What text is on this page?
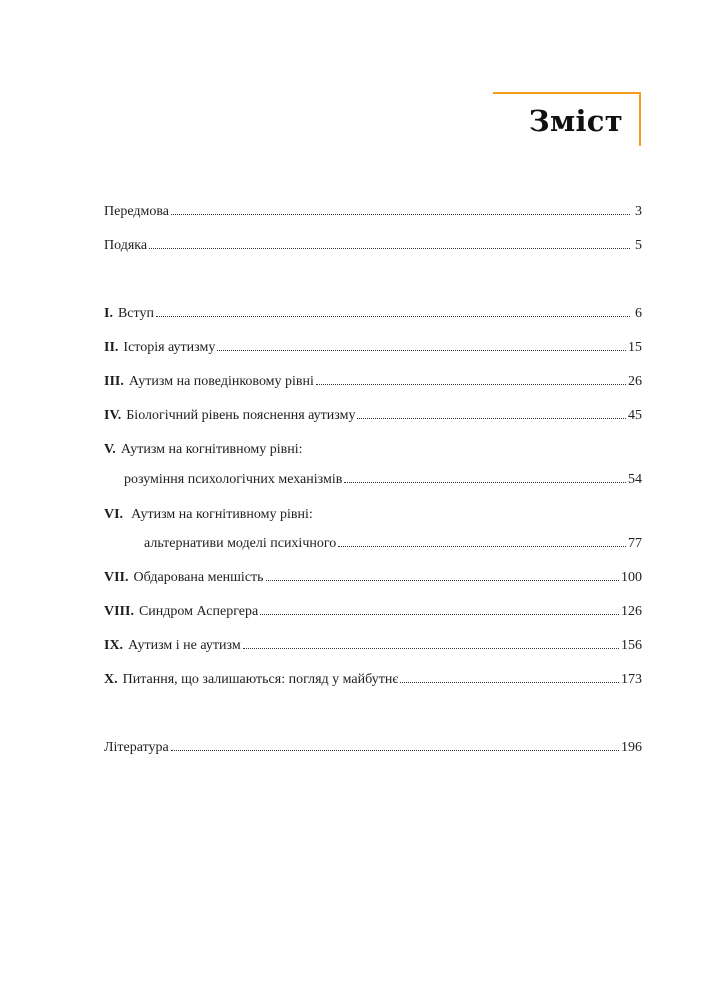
Зміст
Передмова	3
Подяка	5
I. Вступ	6
II. Історія аутизму	15
III. Аутизм на поведінковому рівні	26
IV. Біологічний рівень пояснення аутизму	45
V. Аутизм на когнітивному рівні:
розуміння психологічних механізмів	54
VI. Аутизм на когнітивному рівні:
альтернативи моделі психічного	77
VII. Обдарована меншість	100
VIII. Синдром Аспергера	126
IX. Аутизм і не аутизм	156
X. Питання, що залишаються: погляд у майбутнє	173
Література	196
